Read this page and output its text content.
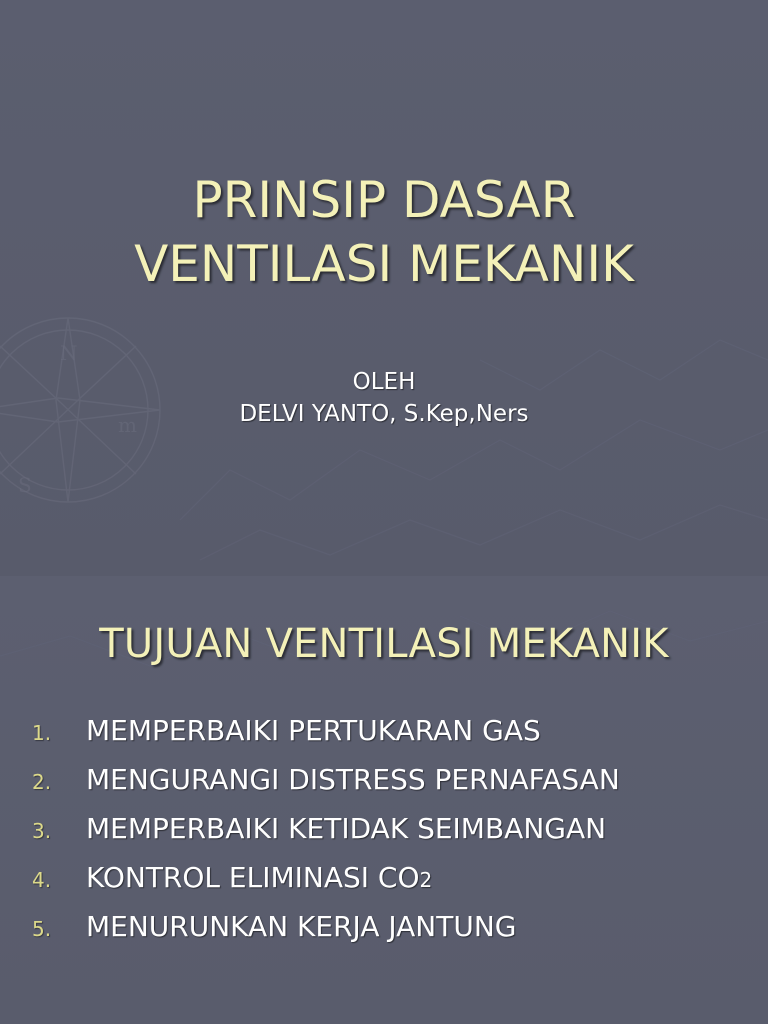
N
S
m
PRINSIP DASAR
VENTILASI MEKANIK
OLEH
DELVI YANTO, S.Kep,Ners
TUJUAN VENTILASI MEKANIK
1.	MEMPERBAIKI PERTUKARAN GAS
2.	MENGURANGI DISTRESS PERNAFASAN
3.	MEMPERBAIKI KETIDAK SEIMBANGAN
4.	KONTROL ELIMINASI CO2
5.	MENURUNKAN KERJA JANTUNG
